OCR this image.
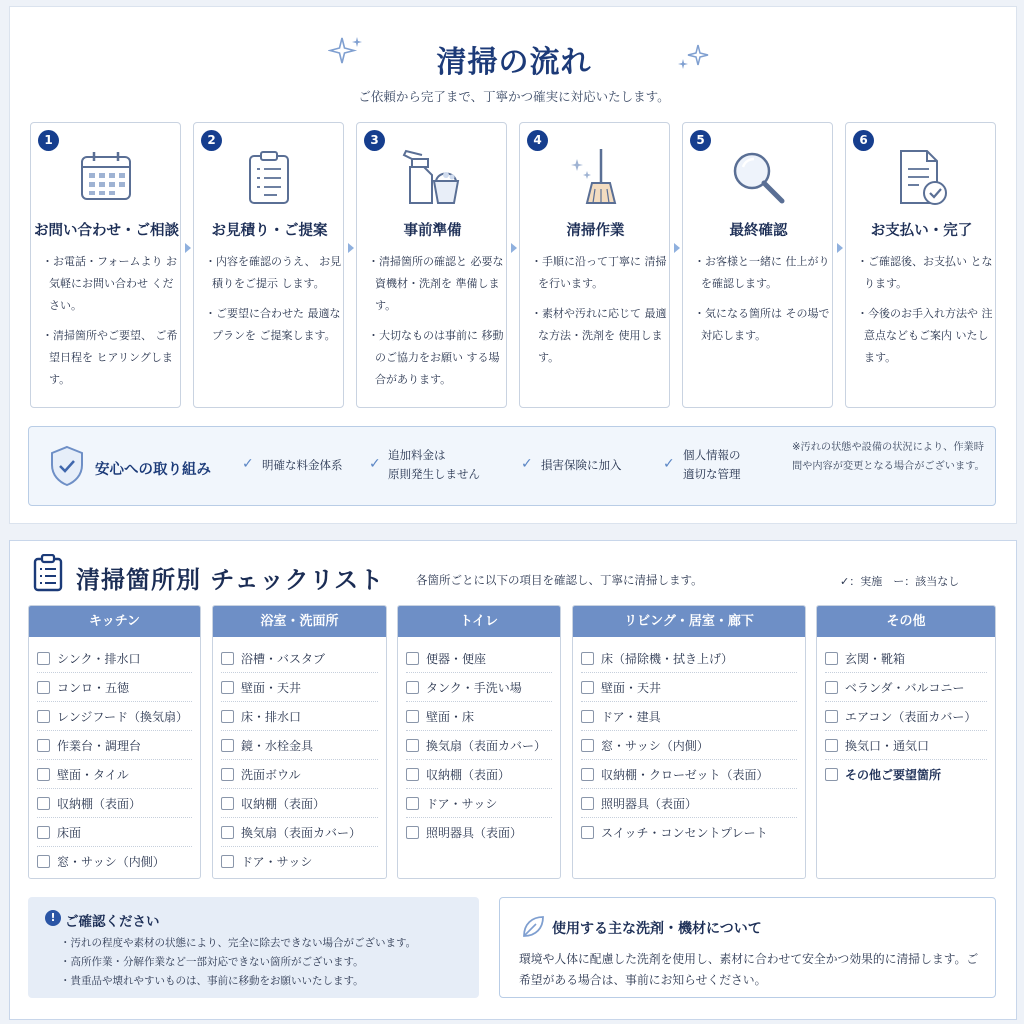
清掃の流れ
ご依頼から完了まで、丁寧かつ確実に対応いたします。
1
お問い合わせ・ご相談

・お電話・フォームより お気軽にお問い合わせ ください。

・清掃箇所やご要望、 ご希望日程を ヒアリングします。

2
お見積り・ご提案

・内容を確認のうえ、 お見積りをご提示 します。

・ご要望に合わせた 最適なプランを ご提案します。

3
事前準備

・清掃箇所の確認と 必要な資機材・洗剤を 準備します。

・大切なものは事前に 移動のご協力をお願い する場合があります。

4
清掃作業

・手順に沿って丁寧に 清掃を行います。

・素材や汚れに応じて 最適な方法・洗剤を 使用します。

5
最終確認

・お客様と一緒に 仕上がりを確認します。

・気になる箇所は その場で対応します。

6
お支払い・完了

・ご確認後、お支払い となります。

・今後のお手入れ方法や 注意点などもご案内 いたします。

安心への取り組み ✓ 明確な料金体系 ✓
追加料金は
原則発生しません
✓ 損害保険に加入	✓
個人情報の
適切な管理
※汚れの状態や設備の状況により、作業時間や内容が変更となる場合がございます。
清掃箇所別 チェックリスト	各箇所ごとに以下の項目を確認し、丁寧に清掃します。	✓：実施　ー：該当なし
キッチン
シンク・排水口
コンロ・五徳
レンジフード（換気扇）
作業台・調理台
壁面・タイル
収納棚（表面）
床面
窓・サッシ（内側）
浴室・洗面所
浴槽・バスタブ
壁面・天井
床・排水口
鏡・水栓金具
洗面ボウル
収納棚（表面）
換気扇（表面カバー）
ドア・サッシ
トイレ
便器・便座
タンク・手洗い場
壁面・床
換気扇（表面カバー）
収納棚（表面）
ドア・サッシ
照明器具（表面）
リビング・居室・廊下
床（掃除機・拭き上げ）
壁面・天井
ドア・建具
窓・サッシ（内側）
収納棚・クローゼット（表面）
照明器具（表面）
スイッチ・コンセントプレート
その他
玄関・靴箱
ベランダ・バルコニー
エアコン（表面カバー）
換気口・通気口
その他ご要望箇所
! ご確認ください
・汚れの程度や素材の状態により、完全に除去できない場合がございます。
・高所作業・分解作業など一部対応できない箇所がございます。
・貴重品や壊れやすいものは、事前に移動をお願いいたします。
使用する主な洗剤・機材について
環境や人体に配慮した洗剤を使用し、素材に合わせて安全かつ効果的に清掃します。ご希望がある場合は、事前にお知らせください。
